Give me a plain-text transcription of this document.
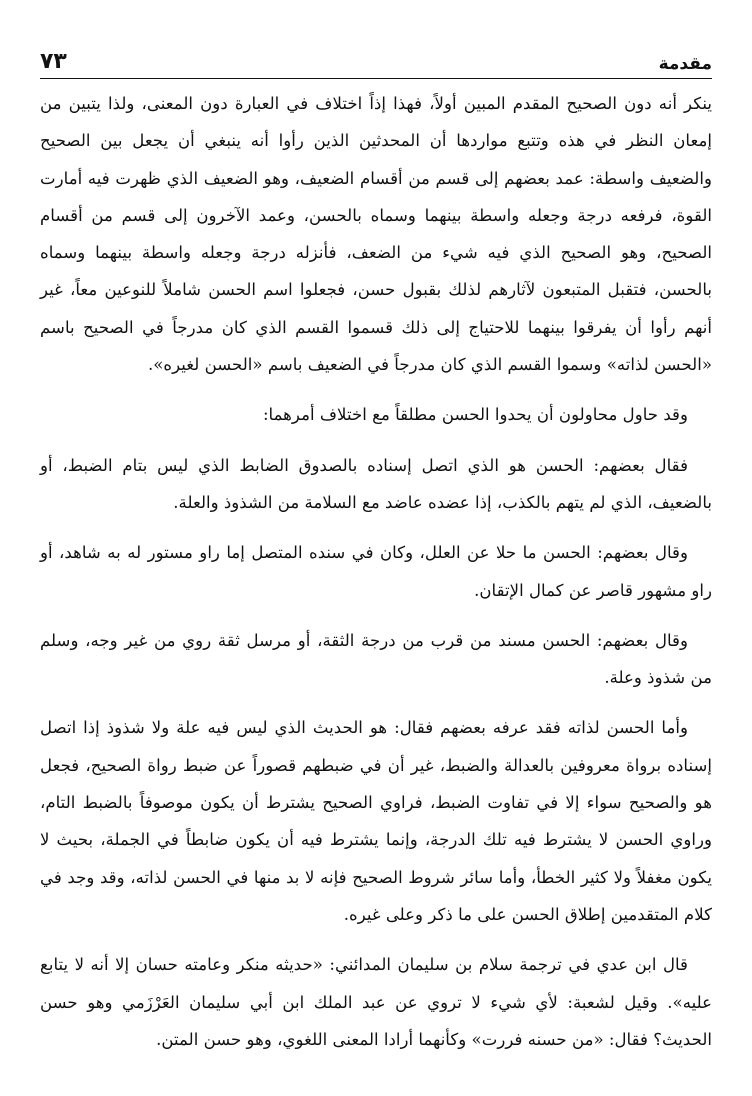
مقدمة
٧٣

ينكر أنه دون الصحيح المقدم المبين أولاً، فهذا إذاً اختلاف في العبارة دون المعنى، ولذا يتبين من إمعان النظر في هذه وتتبع مواردها أن المحدثين الذين رأوا أنه ينبغي أن يجعل بين الصحيح والضعيف واسطة: عمد بعضهم إلى قسم من أقسام الضعيف، وهو الضعيف الذي ظهرت فيه أمارت القوة، فرفعه درجة وجعله واسطة بينهما وسماه بالحسن، وعمد الآخرون إلى قسم من أقسام الصحيح، وهو الصحيح الذي فيه شيء من الضعف، فأنزله درجة وجعله واسطة بينهما وسماه بالحسن، فتقبل المتبعون لآثارهم لذلك بقبول حسن، فجعلوا اسم الحسن شاملاً للنوعين معاً، غير أنهم رأوا أن يفرقوا بينهما للاحتياج إلى ذلك قسموا القسم الذي كان مدرجاً في الصحيح باسم «الحسن لذاته» وسموا القسم الذي كان مدرجاً في الضعيف باسم «الحسن لغيره».

وقد حاول محاولون أن يحدوا الحسن مطلقاً مع اختلاف أمرهما:

فقال بعضهم: الحسن هو الذي اتصل إسناده بالصدوق الضابط الذي ليس بتام الضبط، أو بالضعيف، الذي لم يتهم بالكذب، إذا عضده عاضد مع السلامة من الشذوذ والعلة.

وقال بعضهم: الحسن ما حلا عن العلل، وكان في سنده المتصل إما راو مستور له به شاهد، أو راو مشهور قاصر عن كمال الإتقان.

وقال بعضهم: الحسن مسند من قرب من درجة الثقة، أو مرسل ثقة روي من غير وجه، وسلم من شذوذ وعلة.

وأما الحسن لذاته فقد عرفه بعضهم فقال: هو الحديث الذي ليس فيه علة ولا شذوذ إذا اتصل إسناده برواة معروفين بالعدالة والضبط، غير أن في ضبطهم قصوراً عن ضبط رواة الصحيح، فجعل هو والصحيح سواء إلا في تفاوت الضبط، فراوي الصحيح يشترط أن يكون موصوفاً بالضبط التام، وراوي الحسن لا يشترط فيه تلك الدرجة، وإنما يشترط فيه أن يكون ضابطاً في الجملة، بحيث لا يكون مغفلاً ولا كثير الخطأ، وأما سائر شروط الصحيح فإنه لا بد منها في الحسن لذاته، وقد وجد في كلام المتقدمين إطلاق الحسن على ما ذكر وعلى غيره.

قال ابن عدي في ترجمة سلام بن سليمان المدائني: «حديثه منكر وعامته حسان إلا أنه لا يتابع عليه». وقيل لشعبة: لأي شيء لا تروي عن عبد الملك ابن أبي سليمان العَرْزَمي وهو حسن الحديث؟ فقال: «من حسنه فررت» وكأنهما أرادا المعنى اللغوي، وهو حسن المتن.
